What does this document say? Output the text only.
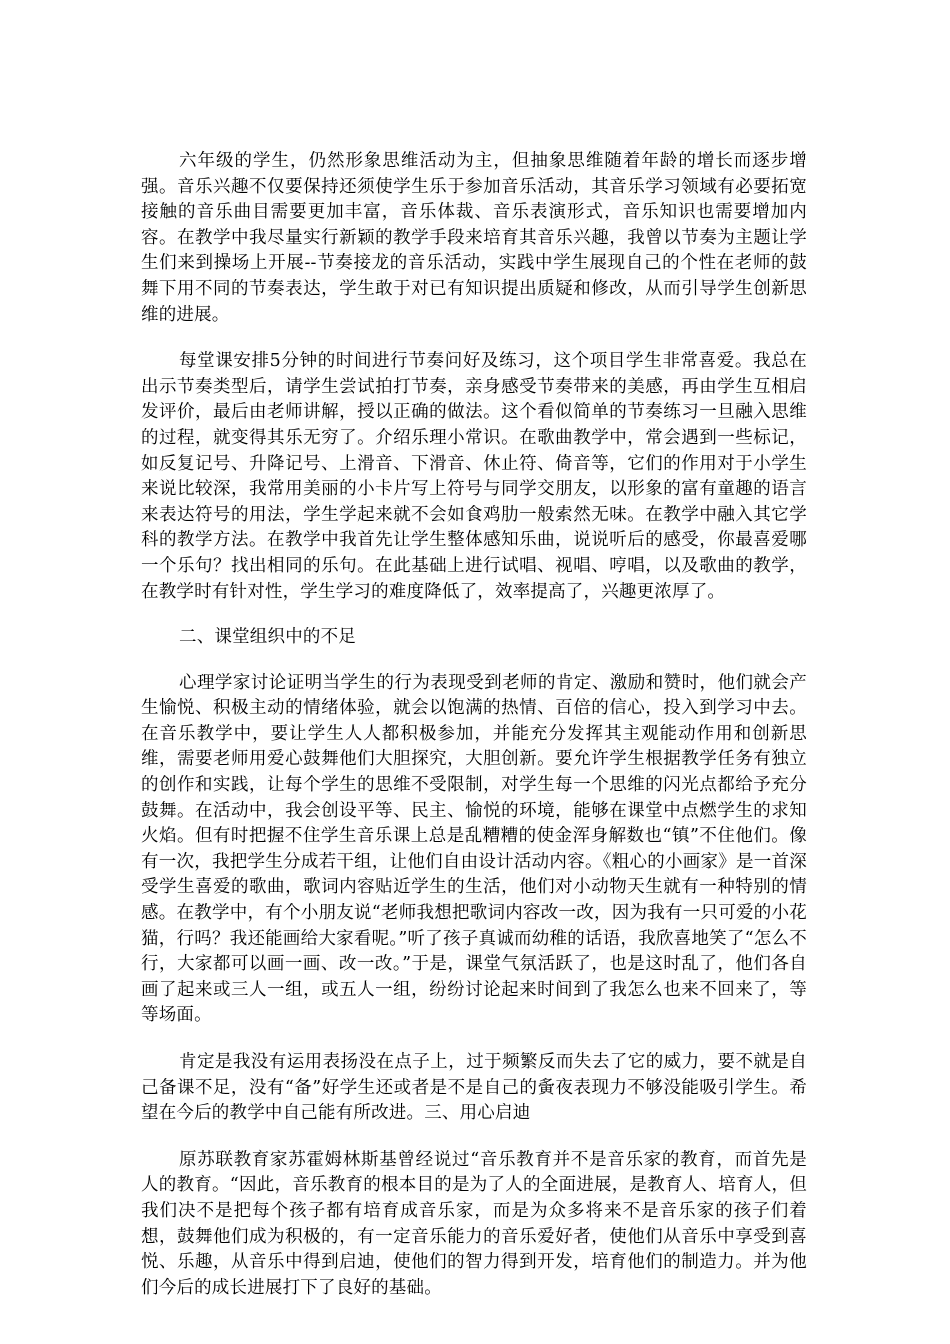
六年级的学生，仍然形象思维活动为主，但抽象思维随着年龄的增长而逐步增强。音乐兴趣不仅要保持还须使学生乐于参加音乐活动，其音乐学习领域有必要拓宽接触的音乐曲目需要更加丰富，音乐体裁、音乐表演形式，音乐知识也需要增加内容。在教学中我尽量实行新颖的教学手段来培育其音乐兴趣，我曾以节奏为主题让学生们来到操场上开展--节奏接龙的音乐活动，实践中学生展现自己的个性在老师的鼓舞下用不同的节奏表达，学生敢于对已有知识提出质疑和修改，从而引导学生创新思维的进展。

每堂课安排5分钟的时间进行节奏问好及练习，这个项目学生非常喜爱。我总在出示节奏类型后，请学生尝试拍打节奏，亲身感受节奏带来的美感，再由学生互相启发评价，最后由老师讲解，授以正确的做法。这个看似简单的节奏练习一旦融入思维的过程，就变得其乐无穷了。介绍乐理小常识。在歌曲教学中，常会遇到一些标记，如反复记号、升降记号、上滑音、下滑音、休止符、倚音等，它们的作用对于小学生来说比较深，我常用美丽的小卡片写上符号与同学交朋友，以形象的富有童趣的语言来表达符号的用法，学生学起来就不会如食鸡肋一般索然无味。在教学中融入其它学科的教学方法。在教学中我首先让学生整体感知乐曲，说说听后的感受，你最喜爱哪一个乐句？找出相同的乐句。在此基础上进行试唱、视唱、哼唱，以及歌曲的教学，在教学时有针对性，学生学习的难度降低了，效率提高了，兴趣更浓厚了。

二、课堂组织中的不足

心理学家讨论证明当学生的行为表现受到老师的肯定、激励和赞时，他们就会产生愉悦、积极主动的情绪体验，就会以饱满的热情、百倍的信心，投入到学习中去。在音乐教学中，要让学生人人都积极参加，并能充分发挥其主观能动作用和创新思维，需要老师用爱心鼓舞他们大胆探究，大胆创新。要允许学生根据教学任务有独立的创作和实践，让每个学生的思维不受限制，对学生每一个思维的闪光点都给予充分鼓舞。在活动中，我会创设平等、民主、愉悦的环境，能够在课堂中点燃学生的求知火焰。但有时把握不住学生音乐课上总是乱糟糟的使金浑身解数也“镇”不住他们。像有一次，我把学生分成若干组，让他们自由设计活动内容。《粗心的小画家》是一首深受学生喜爱的歌曲，歌词内容贴近学生的生活，他们对小动物天生就有一种特别的情感。在教学中，有个小朋友说“老师我想把歌词内容改一改，因为我有一只可爱的小花猫，行吗？我还能画给大家看呢。”听了孩子真诚而幼稚的话语，我欣喜地笑了“怎么不行，大家都可以画一画、改一改。”于是，课堂气氛活跃了，也是这时乱了，他们各自画了起来或三人一组，或五人一组，纷纷讨论起来时间到了我怎么也来不回来了，等等场面。

肯定是我没有运用表扬没在点子上，过于频繁反而失去了它的威力，要不就是自己备课不足，没有“备”好学生还或者是不是自己的夤夜表现力不够没能吸引学生。希望在今后的教学中自己能有所改进。三、用心启迪

原苏联教育家苏霍姆林斯基曾经说过“音乐教育并不是音乐家的教育，而首先是人的教育。“因此，音乐教育的根本目的是为了人的全面进展，是教育人、培育人，但我们决不是把每个孩子都有培育成音乐家，而是为众多将来不是音乐家的孩子们着想，鼓舞他们成为积极的，有一定音乐能力的音乐爱好者，使他们从音乐中享受到喜悦、乐趣，从音乐中得到启迪，使他们的智力得到开发，培育他们的制造力。并为他们今后的成长进展打下了良好的基础。
